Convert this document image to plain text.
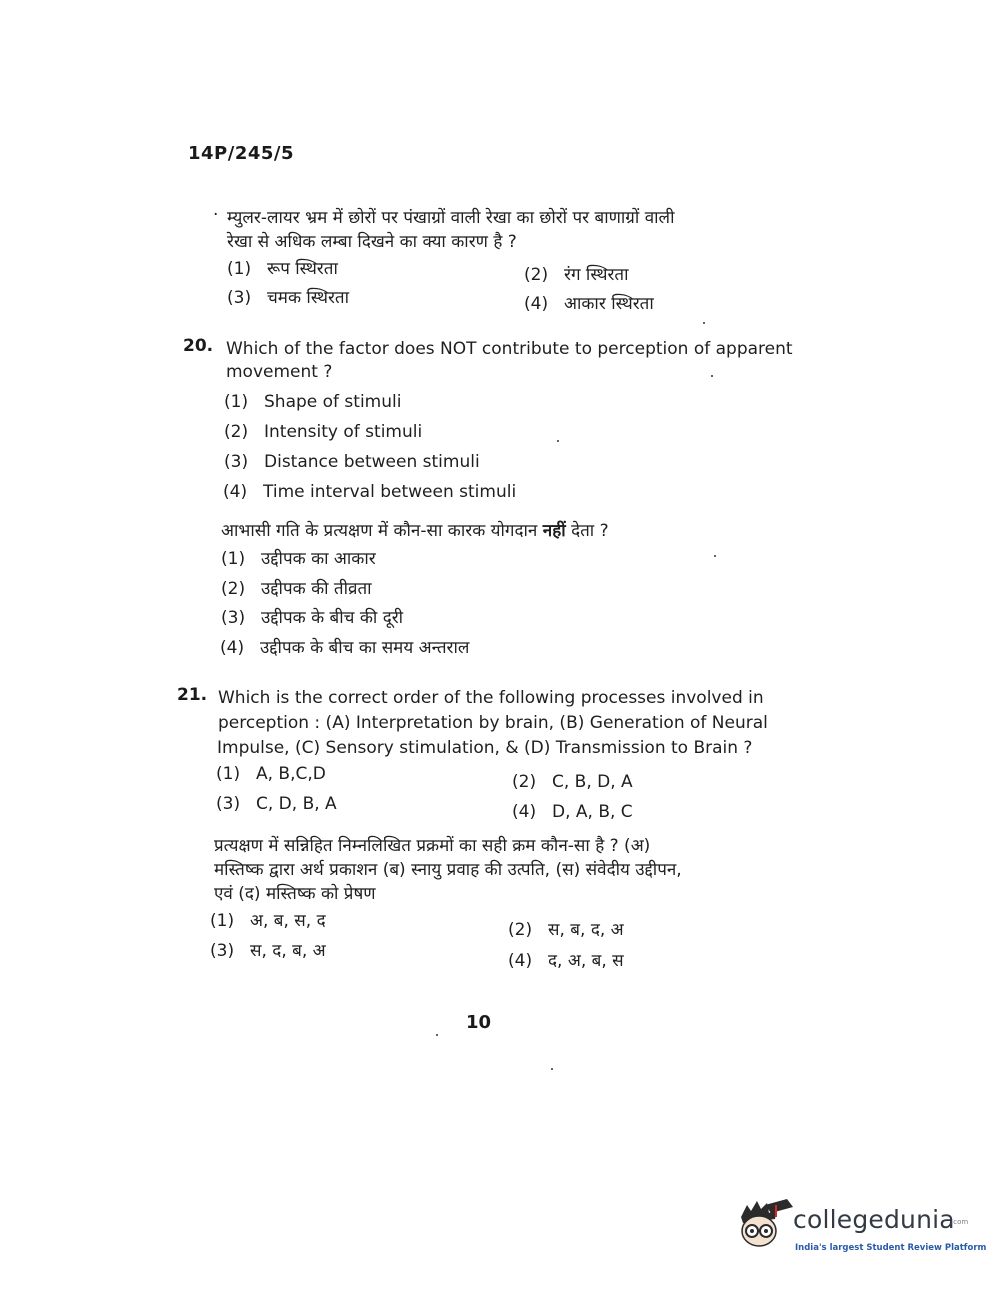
14P/245/5
· म्युलर-लायर भ्रम में छोरों पर पंखाग्रों वाली रेखा का छोरों पर बाणाग्रों वाली
रेखा से अधिक लम्बा दिखने का क्या कारण है ?
(1) रूप स्थिरता	(2) रंग स्थिरता
(3) चमक स्थिरता	(4) आकार स्थिरता
20. Which of the factor does NOT contribute to perception of apparent
movement ?
(1) Shape of stimuli
(2) Intensity of stimuli
(3) Distance between stimuli
(4) Time interval between stimuli
आभासी गति के प्रत्यक्षण में कौन-सा कारक योगदान नहीं देता ?
(1) उद्दीपक का आकार
(2) उद्दीपक की तीव्रता
(3) उद्दीपक के बीच की दूरी
(4) उद्दीपक के बीच का समय अन्तराल
21. Which is the correct order of the following processes involved in
perception : (A) Interpretation by brain, (B) Generation of Neural
Impulse, (C) Sensory stimulation, & (D) Transmission to Brain ?
(1) A, B,C,D	(2) C, B, D, A
(3) C, D, B, A	(4) D, A, B, C
प्रत्यक्षण में सन्निहित निम्नलिखित प्रक्रमों का सही क्रम कौन-सा है ? (अ)
मस्तिष्क द्वारा अर्थ प्रकाशन (ब) स्नायु प्रवाह की उत्पति, (स) संवेदीय उद्दीपन,
एवं (द) मस्तिष्क को प्रेषण
(1) अ, ब, स, द	(2) स, ब, द, अ
(3) स, द, ब, अ	(4) द, अ, ब, स
10
collegedunia
.com
India's largest Student Review Platform
